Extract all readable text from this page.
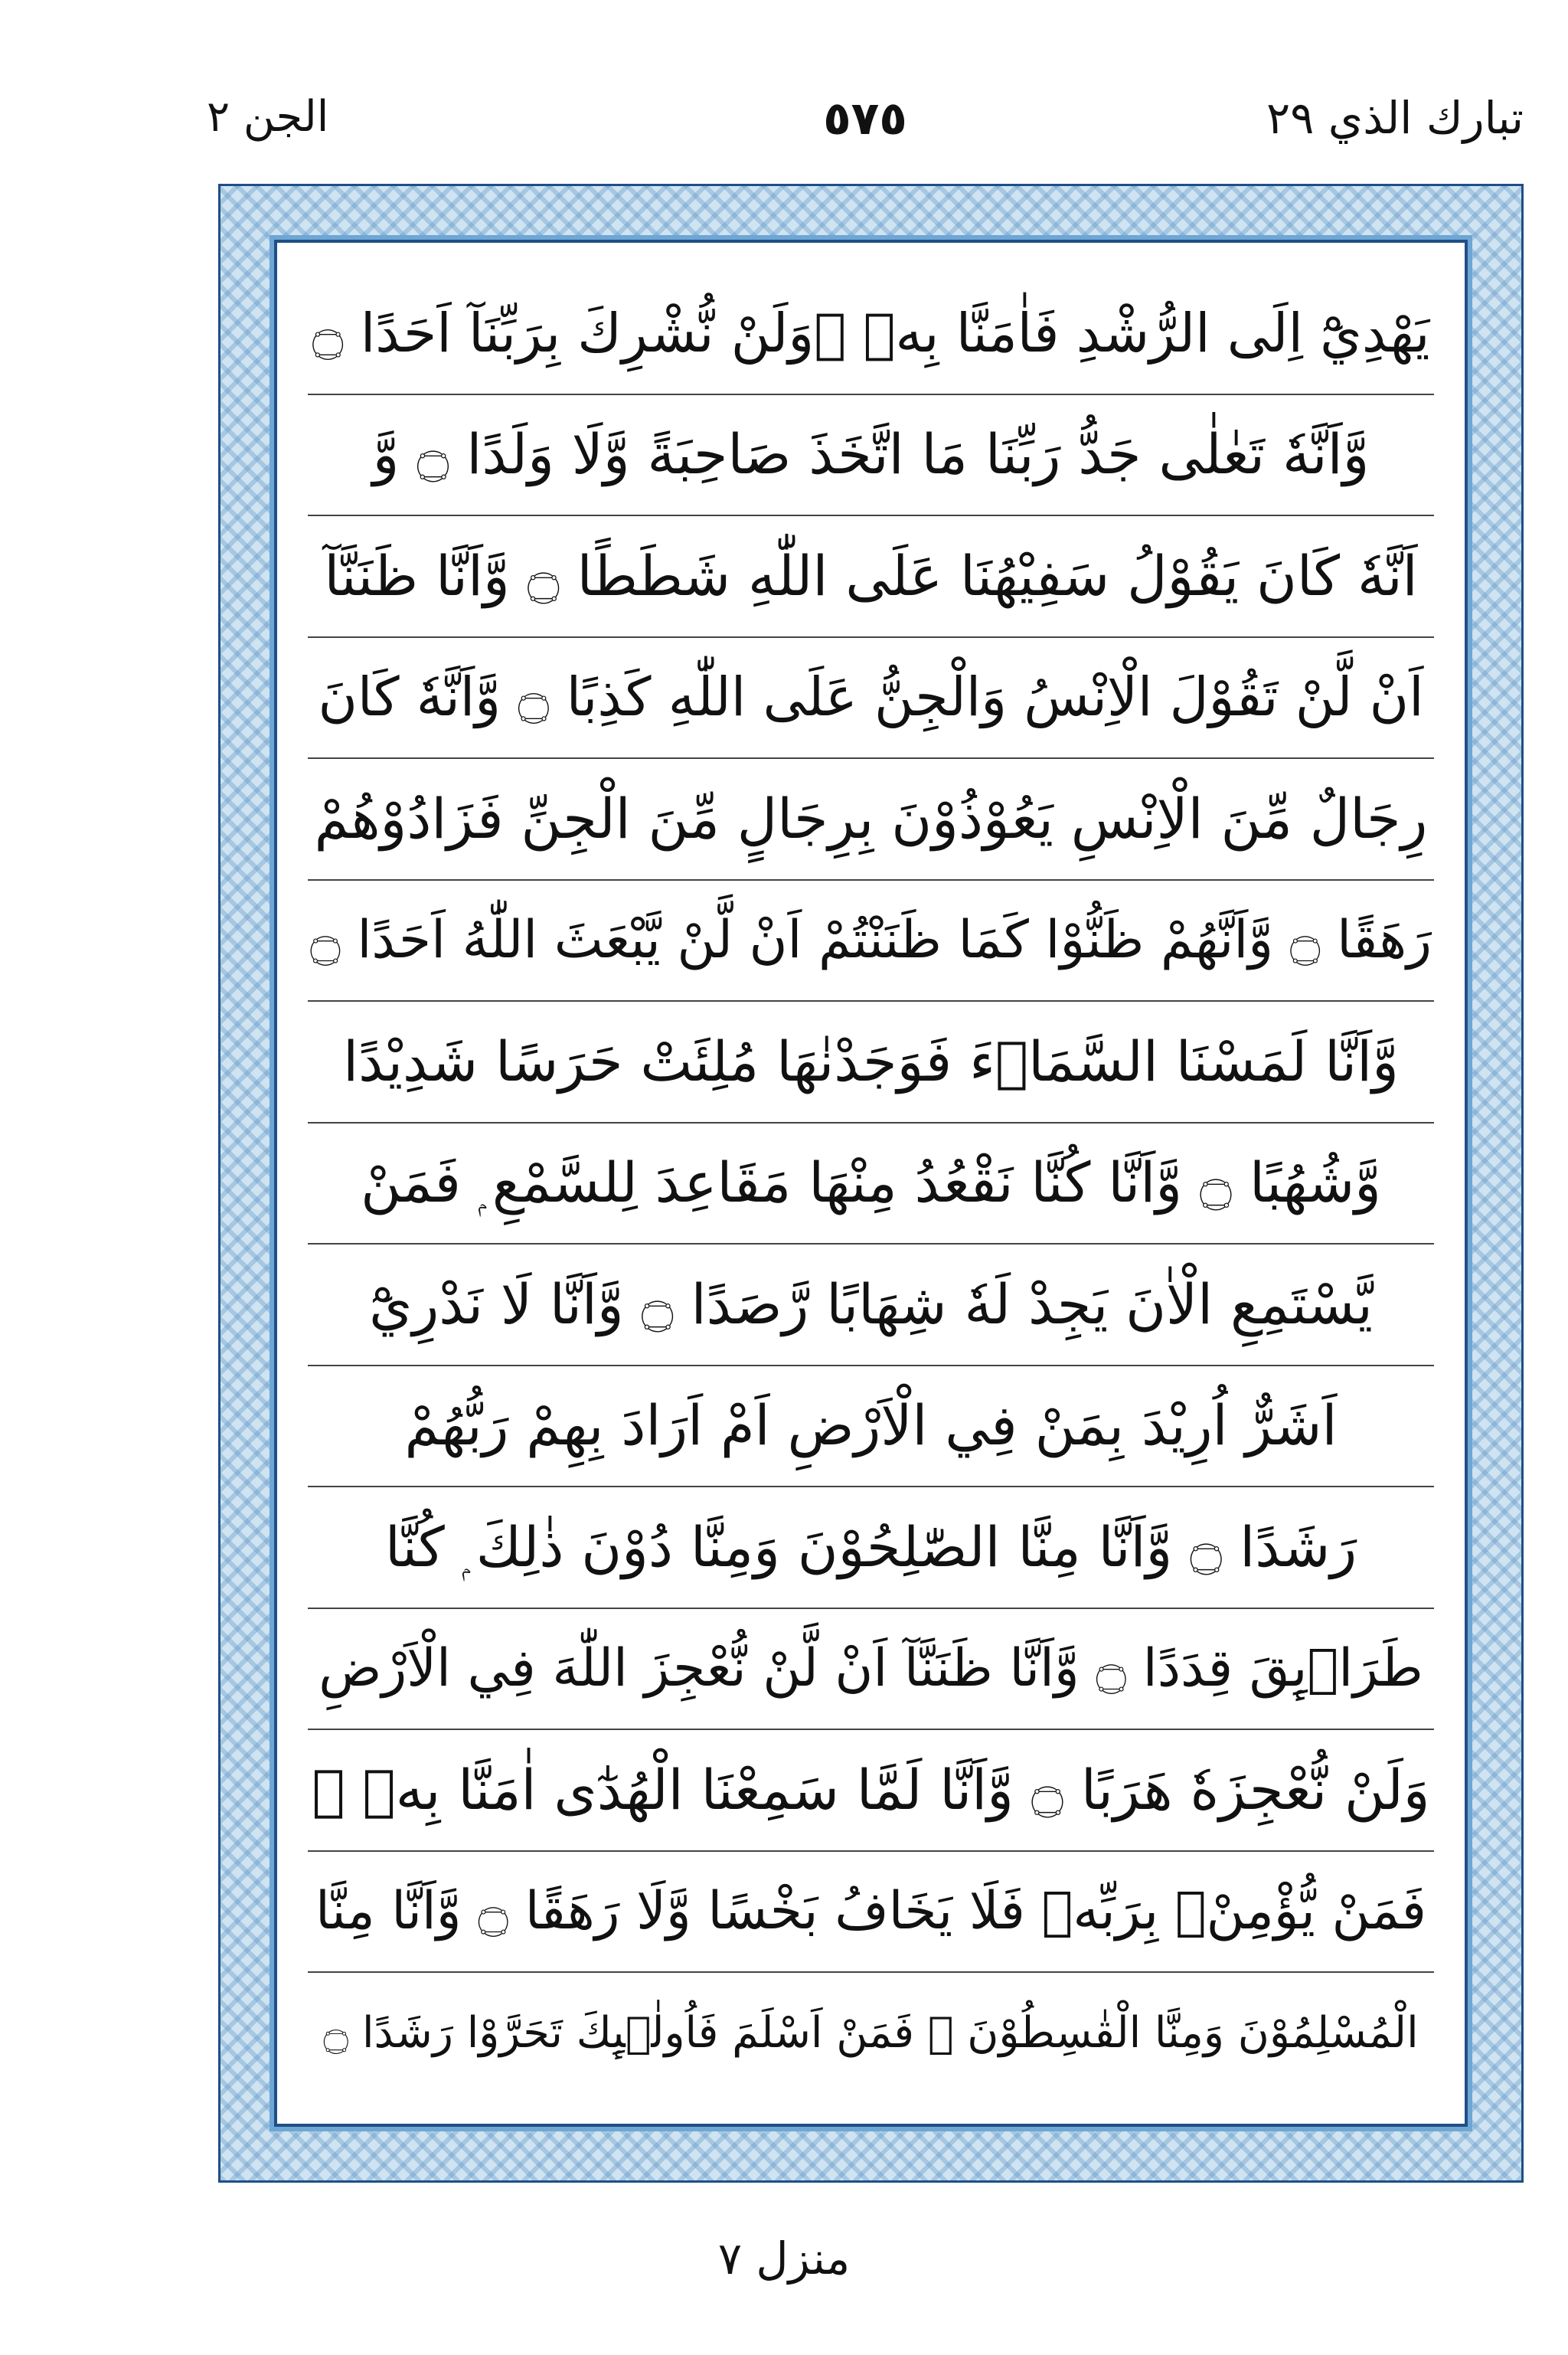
الجن ٢	٥٧٥	تبارك الذي ٢٩
يَهْدِيْٓ اِلَى الرُّشْدِ فَاٰمَنَّا بِهٖ ۭوَلَنْ نُّشْرِكَ بِرَبِّنَآ اَحَدًا ۝
وَّاَنَّهٗ تَعٰلٰى جَدُّ رَبِّنَا مَا اتَّخَذَ صَاحِبَةً وَّلَا وَلَدًا ۝ وَّ
اَنَّهٗ كَانَ يَقُوْلُ سَفِيْهُنَا عَلَى اللّٰهِ شَطَطًا ۝ وَّاَنَّا ظَنَنَّآ
اَنْ لَّنْ تَقُوْلَ الْاِنْسُ وَالْجِنُّ عَلَى اللّٰهِ كَذِبًا ۝ وَّاَنَّهٗ كَانَ
رِجَالٌ مِّنَ الْاِنْسِ يَعُوْذُوْنَ بِرِجَالٍ مِّنَ الْجِنِّ فَزَادُوْهُمْ
رَهَقًا ۝ وَّاَنَّهُمْ ظَنُّوْا كَمَا ظَنَنْتُمْ اَنْ لَّنْ يَّبْعَثَ اللّٰهُ اَحَدًا ۝
وَّاَنَّا لَمَسْنَا السَّمَاۗءَ فَوَجَدْنٰهَا مُلِئَتْ حَرَسًا شَدِيْدًا
وَّشُهُبًا ۝ وَّاَنَّا كُنَّا نَقْعُدُ مِنْهَا مَقَاعِدَ لِلسَّمْعِ ۭ فَمَنْ
يَّسْتَمِعِ الْاٰنَ يَجِدْ لَهٗ شِهَابًا رَّصَدًا ۝ وَّاَنَّا لَا نَدْرِيْٓ
اَشَرٌّ اُرِيْدَ بِمَنْ فِي الْاَرْضِ اَمْ اَرَادَ بِهِمْ رَبُّهُمْ
رَشَدًا ۝ وَّاَنَّا مِنَّا الصّٰلِحُوْنَ وَمِنَّا دُوْنَ ذٰلِكَ ۭ كُنَّا
طَرَاۗىِٕقَ قِدَدًا ۝ وَّاَنَّا ظَنَنَّآ اَنْ لَّنْ نُّعْجِزَ اللّٰهَ فِي الْاَرْضِ
وَلَنْ نُّعْجِزَهٗ هَرَبًا ۝ وَّاَنَّا لَمَّا سَمِعْنَا الْهُدٰٓى اٰمَنَّا بِهٖ ۭ
فَمَنْ يُّؤْمِنْۢ بِرَبِّهٖ فَلَا يَخَافُ بَخْسًا وَّلَا رَهَقًا ۝ وَّاَنَّا مِنَّا
الْمُسْلِمُوْنَ وَمِنَّا الْقٰسِطُوْنَ ۭ فَمَنْ اَسْلَمَ فَاُولٰۗىِٕكَ تَحَرَّوْا رَشَدًا ۝
منزل ٧
